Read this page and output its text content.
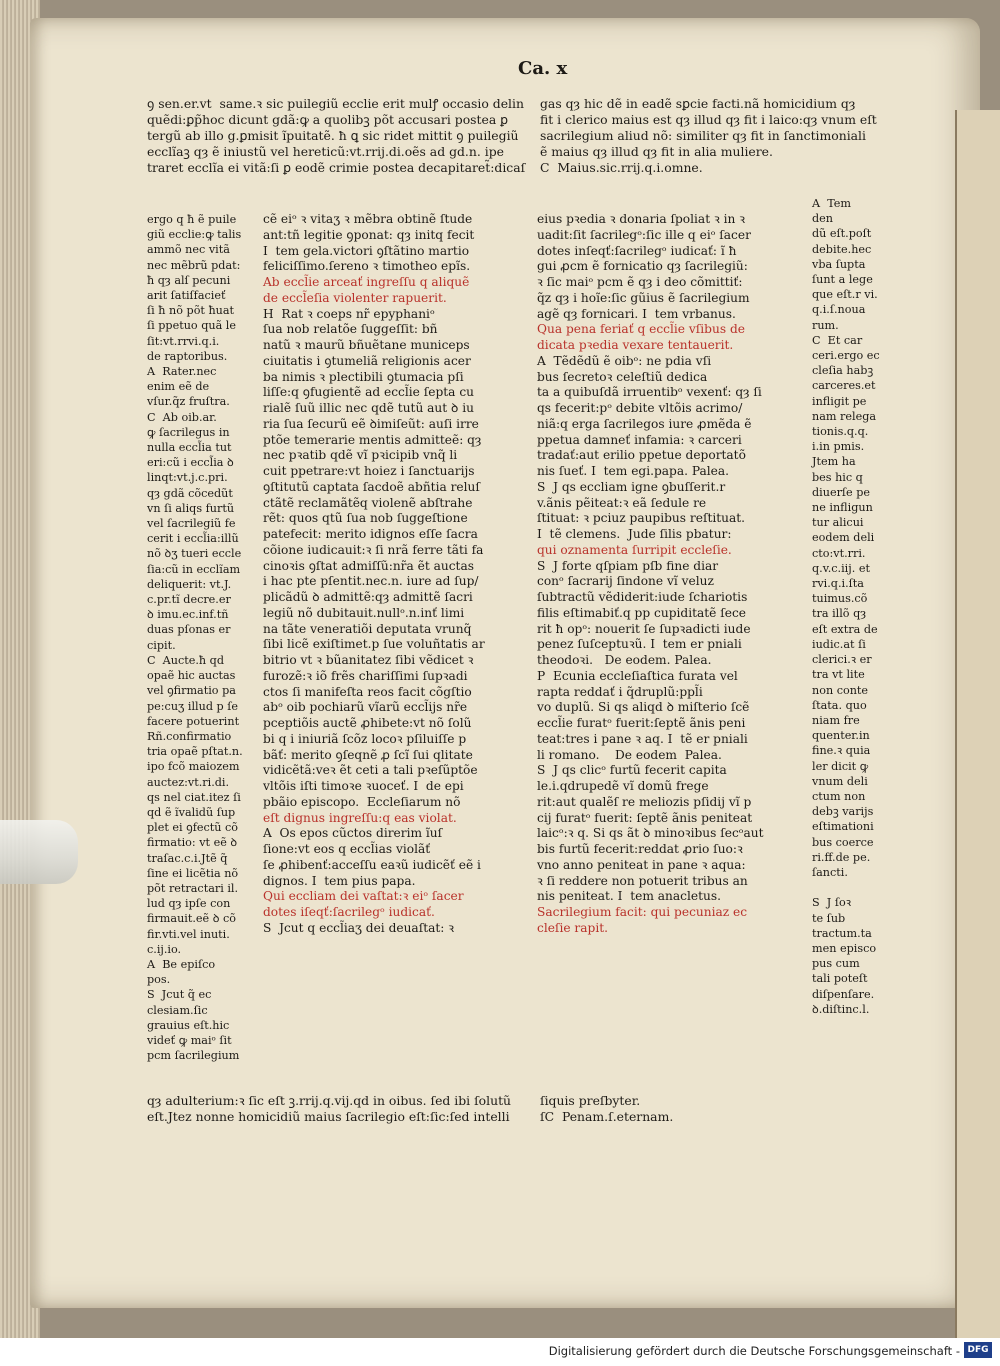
Ca. x
ꝯ sen.er.vt  same.ꝛ sic puilegiũ ecclie erit mulꝭ occasio delin
quẽdi:ꝑp̃hoc dicunt gdã:ꝙ a quolibꝫ põt accusari postea ꝑ
tergũ ab illo g.ꝑmisit ĩpuitatẽ. ħ ꝗ sic ridet mittit ꝯ puilegiũ
ecclĩaꝫ qȝ ẽ iniustũ vel hereticũ:vt.rrij.di.oẽs ad gd.n. ipe
traret ecclĩa ei vitã:ſi ꝑ eodẽ crimie postea decapitaret̃:dicaſ
gas qȝ hic dẽ in eadẽ sꝑcie facti.nã homicidium qȝ
fit i clerico maius est qȝ illud qȝ fit i laico:qȝ vnum eſt
sacrilegium aliud nõ: similiter qȝ fit in ſanctimoniali
ẽ maius qȝ illud qȝ fit in alia muliere.
C  Maius.sic.rrij.q.i.omne.
ergo q ħ ẽ puile
giũ ecclie:ꝙ talis
ammõ nec vitã
nec mẽbrũ pdat:
ħ qȝ alſ pecuni
arit ſatiſfacieť
ſi ħ nõ põt ħuat
ſi ppetuo quã le
ſit:vt.rrvi.q.i.
de raptoribus.
A  Rater.nec
enim eẽ de
vſur.q̃z fruſtra.
C  Ab oib.ar.
ꝙ ſacrilegus in
nulla eccl̃ia tut
eri:cũ i eccl̃ia ꝺ
linqt:vt.j.c.pri.
qȝ gdã cõcedũt
vn ſi aliqs furtũ
vel ſacrilegiũ fe
cerit i eccl̃ia:illũ
nõ ꝺʒ tueri eccle
ſia:cũ in ecclĩam
deliquerit: vt.J.
c.pr.tĩ decre.er
ꝺ imu.ec.inf.tñ
duas pſonas er
cipit.
C  Aucte.ħ qd
opaẽ hic auctas
vel ꝯfirmatio pa
pe:cuʒ illud p ſe
facere potuerint
Rñ.confirmatio
tria opaẽ pſtat.n.
ipo fcõ maiozem
auctez:vt.ri.di.
qs nel ciat.itez ſi
qd ẽ ĩvalidũ ſup
plet ei ꝯfectũ cõ
firmatio: vt eẽ ꝺ
traſac.c.i.Jtẽ q̃
ſine ei licẽtia nõ
põt retractari il.
lud qȝ ipſe con
firmauit.eẽ ꝺ cõ
fir.vti.vel inuti.
c.ij.io.
A  Be epiſco
pos.
S  Jcut q̃ ec
clesiam.ſic
grauius eſt.hic
videť ꝙ maiᵒ ſit
pcm ſacrilegium
cẽ eiᵒ ꝛ vitaʒ ꝛ mẽbra obtinẽ ſtude
ant:tñ legitie ꝯponat: qȝ initq fecit
I  tem gela.victori ꝯſtãtino martio
feliciſſimo.ſereno ꝛ timotheo epĩs.
Ab eccl̃ie arceať ingreſſu q aliquẽ
de eccl̃eſia violenter rapuerit.
H  Rat ꝛ coeps nr̃ epyphaniᵒ
ſua nob relatõe ſuggeſſit: bñ
natũ ꝛ maurũ bñuẽtane municeps
ciuitatis i ꝯtumeliã religionis acer
ba nimis ꝛ plectibili ꝯtumacia pſi
liſſe:q ꝯfugientẽ ad eccl̃ie ſepta cu
rialẽ ſuũ illic nec qdẽ tutũ aut ꝺ iu
ria ſua ſecurũ eẽ ꝺimiſeũt: auſi irre
ptõe temerarie mentis admitteẽ: qȝ
nec pꝛatib qdẽ vĩ pꝛicipib vnq̃ li
cuit ppetrare:vt hoiez i ſanctuarijs
ꝯſtitutũ captata ſacdoẽ abñtia reluſ
ctãtẽ reclamãtẽq violenẽ abſtrahe
rẽt: quos qtũ ſua nob ſuggeſtione
patefecit: merito idignos eſſe ſacra
cõione iudicauit:ꝛ ſi nrã ferre tãti fa
cinoꝛis ꝯſtat admiſſũ:nr̃a ẽt auctas
i hac pte pſentit.nec.n. iure ad ſup/
plicãdũ ꝺ admittẽ:qȝ admittẽ ſacri
legiũ nõ dubitauit.nullᵒ.n.inť limi
na tãte veneratiõi deputata vrunq̃
ſibi licẽ exiſtimet.p ſue voluñtatis ar
bitrio vt ꝛ bũanitatez ſibi vẽdicet ꝛ
furozẽ:ꝛ iõ frẽs chariſſimi ſupꝛadi
ctos ſi manifeſta reos facit cõgſtio
abᵒ oib pochiarũ vĩarũ eccl̃ijs nr̃e
pceptiõis auctẽ ꝓhibete:vt nõ ſolũ
bi q i iniuriã ſcõz locoꝛ pſiluiſſe p
bãť: merito ꝯſeqnẽ ꝓ ſcĩ ſui qlitate
vidicẽtã:veꝛ ẽt ceti a tali pꝛeſũptõe
vltõis iſti timoꝛe ꝛuoceť. I  de epi
pbãio episcopo.  Eccleſiarum nõ
eſt dignus ingreſſu:q eas violat.
A  Os epos cũctos direrim ĩuſ
ſione:vt eos q eccl̃ias violãť
ſe ꝓhibenť:acceſſu eaꝛũ iudicẽť eẽ i
dignos. I  tem pius papa.
Qui eccliam dei vaſtat:ꝛ eiᵒ ſacer
dotes iſeqť:ſacrilegᵒ iudicať.
S  Jcut q eccl̃iaʒ dei deuaſtat: ꝛ
eius pꝛedia ꝛ donaria ſpoliat ꝛ in ꝛ
uadit:ſit ſacrilegᵒ:ſic ille q eiᵒ ſacer
dotes inſeqť:ſacrilegᵒ iudicať: ĩ ħ
gui ꝓcm ẽ fornicatio qȝ ſacrilegiũ:
ꝛ ſic maiᵒ pcm ẽ qȝ i deo cõmittiť:
q̃z qȝ i hoĩe:ſic gũius ẽ ſacrilegium
agẽ qȝ fornicari. I  tem vrbanus.
Qua pena feriať q eccl̃ie vſibus de
dicata pꝛedia vexare tentauerit.
A  Tẽdẽdũ ẽ oibᵒ: ne pdia vſi
bus ſecretoꝛ celeſtiũ dedica
ta a quibuſdã irruentibᵒ vexenť: qȝ ſi
qs fecerit:pᵒ debite vltõis acrimo/
niã:q erga ſacrilegos iure ꝓmẽda ẽ
ppetua damneť infamia: ꝛ carceri
tradať:aut erilio ppetue deportatõ
nis ſueť. I  tem egi.papa. Palea.
S  J qs eccliam igne ꝯbuſſerit.r
v.ãnis pẽiteat:ꝛ eã ſedule re
ſtituat: ꝛ pciuz paupibus reſtituat.
I  tẽ clemens.  Jude ſilis pbatur:
qui oznamenta ſurripit eccleſie.
S  J forte qſpiam pſb fine diar
conᵒ ſacrarij ſindone vĩ veluz
ſubtractũ vẽdiderit:iude ſchariotis
filis eſtimabiť.q pp cupiditatẽ ſece
rit ħ opᵒ: nouerit ſe ſupꝛadicti iude
penez ſuſceptuꝛũ. I  tem er pniali
theodoꝛi.   De eodem. Palea.
P  Ecunia eccleſiaſtica furata vel
rapta reddať i q̃druplũ:ppl̃i
vo duplũ. Si qs aliqd ꝺ miſterio ſcẽ
eccl̃ie furatᵒ fuerit:ſeptẽ ãnis peni
teat:tres i pane ꝛ aq. I  tẽ er pniali
li romano.    De eodem  Palea.
S  J qs clicᵒ furtũ fecerit capita
le.i.qdrupedẽ vĩ domũ frege
rit:aut qualẽſ re meliozis pſidij vĩ p
cij furatᵒ fuerit: ſeptẽ ãnis peniteat
laicᵒ:ꝛ q. Si qs ãt ꝺ minoꝛibus ſecᵒaut
bis furtũ fecerit:reddat ꝓrio ſuo:ꝛ
vno anno peniteat in pane ꝛ aqua:
ꝛ ſi reddere non potuerit tribus an
nis peniteat. I  tem anacletus.
Sacrilegium facit: qui pecuniaz ec
cleſie rapit.
A  Tem
den
dũ eſt.poſt
debite.hec
vba ſupta
ſunt a lege
que eſt.r vi.
q.i.ſ.noua
rum.
C  Et car
ceri.ergo ec
cleſia habꝫ
carceres.et
infligit pe
nam relega
tionis.q.q.
i.in pmis.
Jtem ha
bes hic q
diuerſe pe
ne infligun
tur alicui
eodem deli
cto:vt.rri.
q.v.c.iij. et
rvi.q.i.ſta
tuimus.cõ
tra illõ qȝ
eſt extra de
iudic.at ſi
clerici.ꝛ er
tra vt lite
non conte
ſtata. quo
niam fre
quenter.in
fine.ꝛ quia
ler dicit ꝙ
vnum deli
ctum non
debꝫ varijs
eſtimationi
bus coerce
ri.ff.de pe.
ſancti.

S  J ſoꝛ
te ſub
tractum.ta
men episco
pus cum
tali poteſt
diſpenſare.
ꝺ.diſtinc.l.
qȝ adulterium:ꝛ ſic eſt ꝫ.rrij.q.vij.qd in oibus. ſed ibi ſolutũ
eſt.Jtez nonne homicidiũ maius ſacrilegio eſt:ſic:ſed intelli
ſiquis preſbyter.
ſC  Penam.ſ.eternam.
Digitalisierung gefördert durch die Deutsche Forschungsgemeinschaft - DFG
